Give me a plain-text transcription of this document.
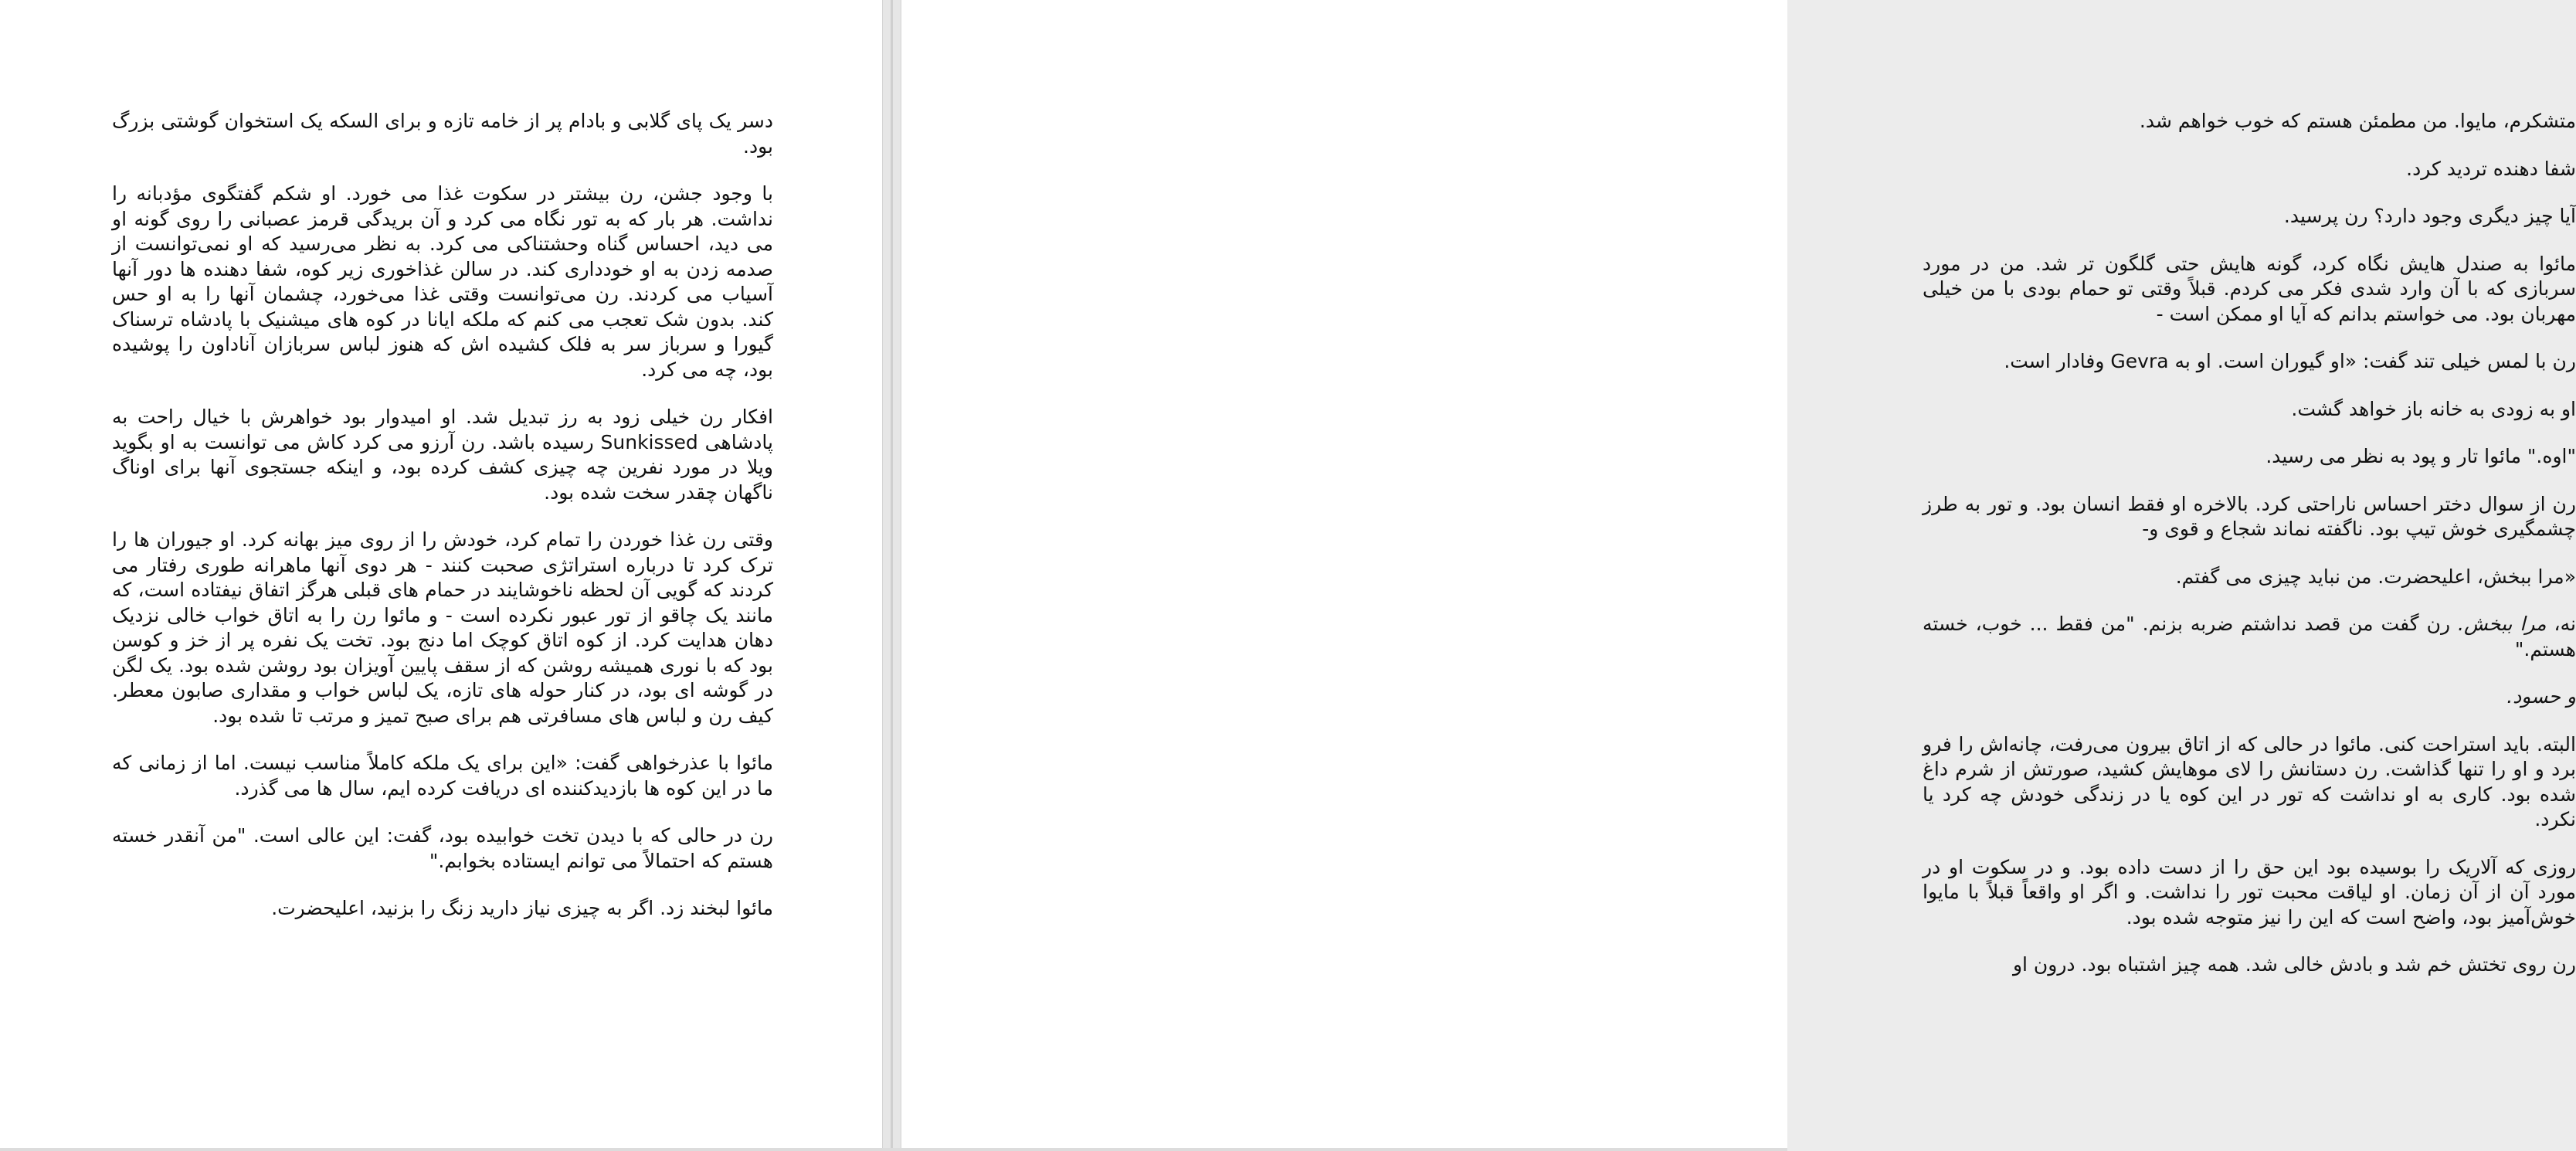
دسر یک پای گلابی و بادام پر از خامه تازه و برای السکه یک استخوان گوشتی بزرگ بود.

با وجود جشن، رن بیشتر در سکوت غذا می خورد. او شکم گفتگوی مؤدبانه را نداشت. هر بار که به تور نگاه می کرد و آن بریدگی قرمز عصبانی را روی گونه او می دید، احساس گناه وحشتناکی می کرد. به نظر می‌رسید که او نمی‌توانست از صدمه زدن به او خودداری کند. در سالن غذاخوری زیر کوه، شفا دهنده ها دور آنها آسیاب می کردند. رن می‌توانست وقتی غذا می‌خورد، چشمان آنها را به او حس کند. بدون شک تعجب می کنم که ملکه ایانا در کوه های میشنیک با پادشاه ترسناک گیورا و سرباز سر به فلک کشیده اش که هنوز لباس سربازان آناداون را پوشیده بود، چه می کرد.

افکار رن خیلی زود به رز تبدیل شد. او امیدوار بود خواهرش با خیال راحت به پادشاهی Sunkissed رسیده باشد. رن آرزو می کرد کاش می توانست به او بگوید ویلا در مورد نفرین چه چیزی کشف کرده بود، و اینکه جستجوی آنها برای اوناگ ناگهان چقدر سخت شده بود.

وقتی رن غذا خوردن را تمام کرد، خودش را از روی میز بهانه کرد. او جیوران ها را ترک کرد تا درباره استراتژی صحبت کنند - هر دوی آنها ماهرانه طوری رفتار می کردند که گویی آن لحظه ناخوشایند در حمام های قبلی هرگز اتفاق نیفتاده است، که مانند یک چاقو از تور عبور نکرده است - و مائوا رن را به اتاق خواب خالی نزدیک دهان هدایت کرد. از کوه اتاق کوچک اما دنج بود. تخت یک نفره پر از خز و کوسن بود که با نوری همیشه روشن که از سقف پایین آویزان بود روشن شده بود. یک لگن در گوشه ای بود، در کنار حوله های تازه، یک لباس خواب و مقداری صابون معطر. کیف رن و لباس های مسافرتی هم برای صبح تمیز و مرتب تا شده بود.

مائوا با عذرخواهی گفت: «این برای یک ملکه کاملاً مناسب نیست. اما از زمانی که ما در این کوه ها بازدیدکننده ای دریافت کرده ایم، سال ها می گذرد.

رن در حالی که با دیدن تخت خوابیده بود، گفت: این عالی است. "من آنقدر خسته هستم که احتمالاً می توانم ایستاده بخوابم."

مائوا لبخند زد. اگر به چیزی نیاز دارید زنگ را بزنید، اعلیحضرت.

متشکرم، مایوا. من مطمئن هستم که خوب خواهم شد.

شفا دهنده تردید کرد.

آیا چیز دیگری وجود دارد؟ رن پرسید.

مائوا به صندل هایش نگاه کرد، گونه هایش حتی گلگون تر شد. من در مورد سربازی که با آن وارد شدی فکر می کردم. قبلاً وقتی تو حمام بودی با من خیلی مهربان بود. می خواستم بدانم که آیا او ممکن است -

رن با لمس خیلی تند گفت: «او گیوران است. او به Gevra وفادار است.

او به زودی به خانه باز خواهد گشت.

"اوه." مائوا تار و پود به نظر می رسید.

رن از سوال دختر احساس ناراحتی کرد. بالاخره او فقط انسان بود. و تور به طرز چشمگیری خوش تیپ بود. ناگفته نماند شجاع و قوی و-

«مرا ببخش، اعلیحضرت. من نباید چیزی می گفتم.

نه، مرا ببخش. رن گفت من قصد نداشتم ضربه بزنم. "من فقط ... خوب، خسته هستم."

و حسود.

البته. باید استراحت کنی. مائوا در حالی که از اتاق بیرون می‌رفت، چانه‌اش را فرو برد و او را تنها گذاشت. رن دستانش را لای موهایش کشید، صورتش از شرم داغ شده بود. کاری به او نداشت که تور در این کوه یا در زندگی خودش چه کرد یا نکرد.

روزی که آلاریک را بوسیده بود این حق را از دست داده بود. و در سکوت او در مورد آن از آن زمان. او لیاقت محبت تور را نداشت. و اگر او واقعاً قبلاً با مایوا خوش‌آمیز بود، واضح است که این را نیز متوجه شده بود.

رن روی تختش خم شد و بادش خالی شد. همه چیز اشتباه بود. درون او
